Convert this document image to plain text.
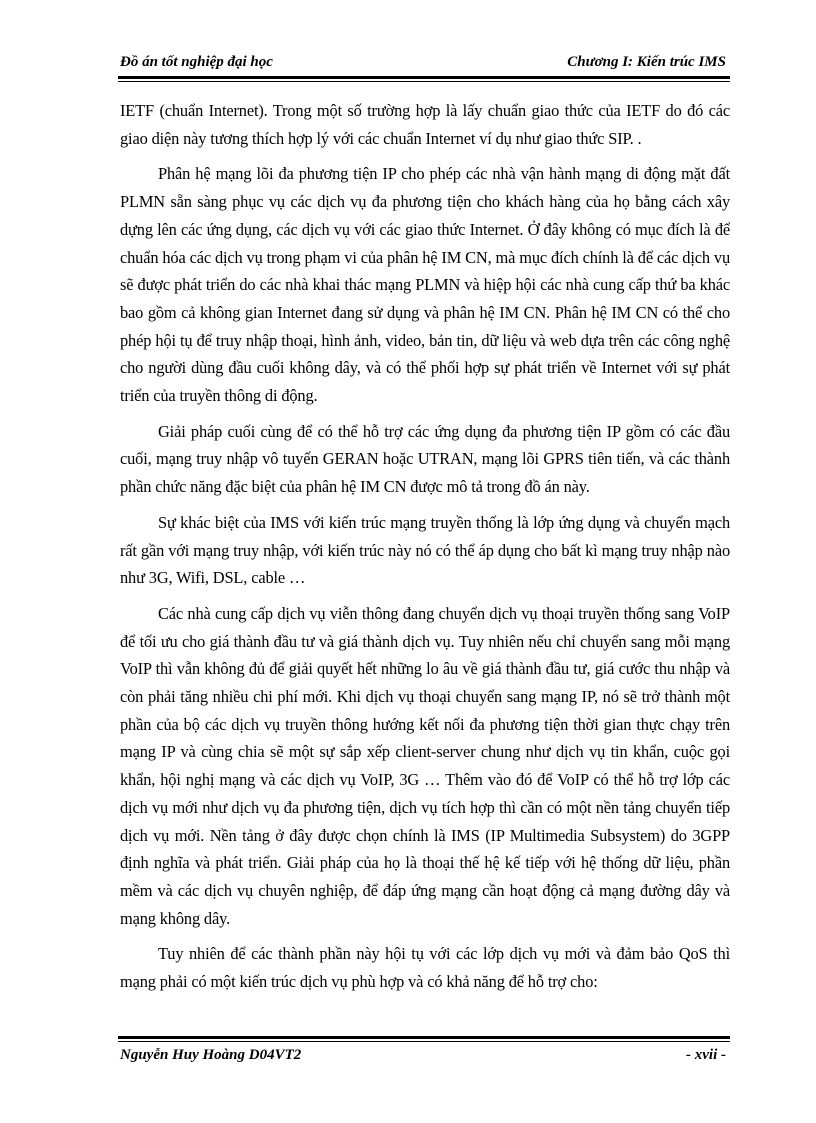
Đồ án tốt nghiệp đại học	Chương I: Kiến trúc IMS

IETF (chuẩn Internet). Trong một số trường hợp là lấy chuẩn giao thức của IETF do đó các giao diện này tương thích hợp lý với các chuẩn Internet ví dụ như giao thức SIP. .

Phân hệ mạng lõi đa phương tiện IP cho phép các nhà vận hành mạng di động mặt đất PLMN sẵn sàng phục vụ các dịch vụ đa phương tiện cho khách hàng của họ bằng cách xây dựng lên các ứng dụng, các dịch vụ với các giao thức Internet. Ở đây không có mục đích là để chuẩn hóa các dịch vụ trong phạm vi của phân hệ IM CN, mà mục đích chính là để các dịch vụ sẽ được phát triển do các nhà khai thác mạng PLMN và hiệp hội các nhà cung cấp thứ ba khác bao gồm cả không gian Internet đang sử dụng và phân hệ IM CN. Phân hệ IM CN có thể cho phép hội tụ để truy nhập thoại, hình ảnh, video, bản tin, dữ liệu và web dựa trên các công nghệ cho người dùng đầu cuối không dây, và có thể phối hợp sự phát triển về Internet với sự phát triển của truyền thông di động.

Giải pháp cuối cùng để có thể hỗ trợ các ứng dụng đa phương tiện IP gồm có các đầu cuối, mạng truy nhập vô tuyến GERAN hoặc UTRAN, mạng lõi GPRS tiên tiến, và các thành phần chức năng đặc biệt của phân hệ IM CN được mô tả trong đồ án này.

Sự khác biệt của IMS với kiến trúc mạng truyền thống là lớp ứng dụng và chuyển mạch rất gần với mạng truy nhập, với kiến trúc này nó có thể áp dụng cho bất kì mạng truy nhập nào như 3G, Wifi, DSL, cable …

Các nhà cung cấp dịch vụ viễn thông đang chuyển dịch vụ thoại truyền thống sang VoIP để tối ưu cho giá thành đầu tư và giá thành dịch vụ. Tuy nhiên nếu chỉ chuyển sang mỗi mạng VoIP thì vẫn không đủ để giải quyết hết những lo âu về giá thành đầu tư, giá cước thu nhập và còn phải tăng nhiều chi phí mới. Khi dịch vụ thoại chuyển sang mạng IP, nó sẽ trở thành một phần của bộ các dịch vụ truyền thông hướng kết nối đa phương tiện thời gian thực chạy trên mạng IP và cùng chia sẽ một sự sắp xếp client-server chung như dịch vụ tin khẩn, cuộc gọi khẩn, hội nghị mạng và các dịch vụ VoIP, 3G … Thêm vào đó để VoIP có thể hỗ trợ lớp các dịch vụ mới như dịch vụ đa phương tiện, dịch vụ tích hợp thì cần có một nền tảng chuyển tiếp dịch vụ mới. Nền tảng ở đây được chọn chính là IMS (IP Multimedia Subsystem) do 3GPP định nghĩa và phát triển. Giải pháp của họ là thoại thế hệ kế tiếp với hệ thống dữ liệu, phần mềm và các dịch vụ chuyên nghiệp, để đáp ứng mạng cần hoạt động cả mạng đường dây và mạng không dây.

Tuy nhiên để các thành phần này hội tụ với các lớp dịch vụ mới và đảm bảo QoS thì mạng phải có một kiến trúc dịch vụ phù hợp và có khả năng để hỗ trợ cho:

Nguyễn Huy Hoàng D04VT2	- xvii -
